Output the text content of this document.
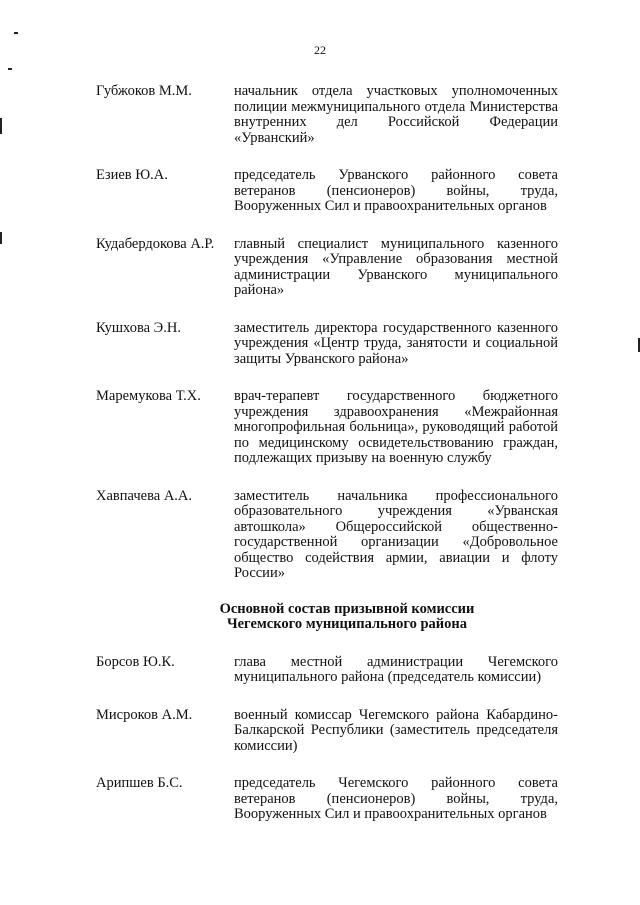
22
Губжоков М.М.	начальник отдела участковых уполномоченных полиции межмуниципального отдела Министерства внутренних дел Российской Федерации «Урванский»
Езиев Ю.А.	председатель Урванского районного совета ветеранов (пенсионеров) войны, труда, Вооруженных Сил и правоохранительных органов
Кудабердокова А.Р.	главный специалист муниципального казенного учреждения «Управление образования местной администрации Урванского муниципального района»
Кушхова Э.Н.	заместитель директора государственного казенного учреждения «Центр труда, занятости и социальной защиты Урванского района»
Маремукова Т.Х.	врач-терапевт государственного бюджетного учреждения здравоохранения «Межрайонная многопрофильная больница», руководящий работой по медицинскому освидетельствованию граждан, подлежащих призыву на военную службу
Хавпачева А.А.	заместитель начальника профессионального образовательного учреждения «Урванская автошкола» Общероссийской общественно-государственной организации «Добровольное общество содействия армии, авиации и флоту России»
Основной состав призывной комиссии
Чегемского муниципального района
Борсов Ю.К.	глава местной администрации Чегемского муниципального района (председатель комиссии)
Мисроков А.М.	военный комиссар Чегемского района Кабардино-Балкарской Республики (заместитель председателя комиссии)
Арипшев Б.С.	председатель Чегемского районного совета ветеранов (пенсионеров) войны, труда, Вооруженных Сил и правоохранительных органов
